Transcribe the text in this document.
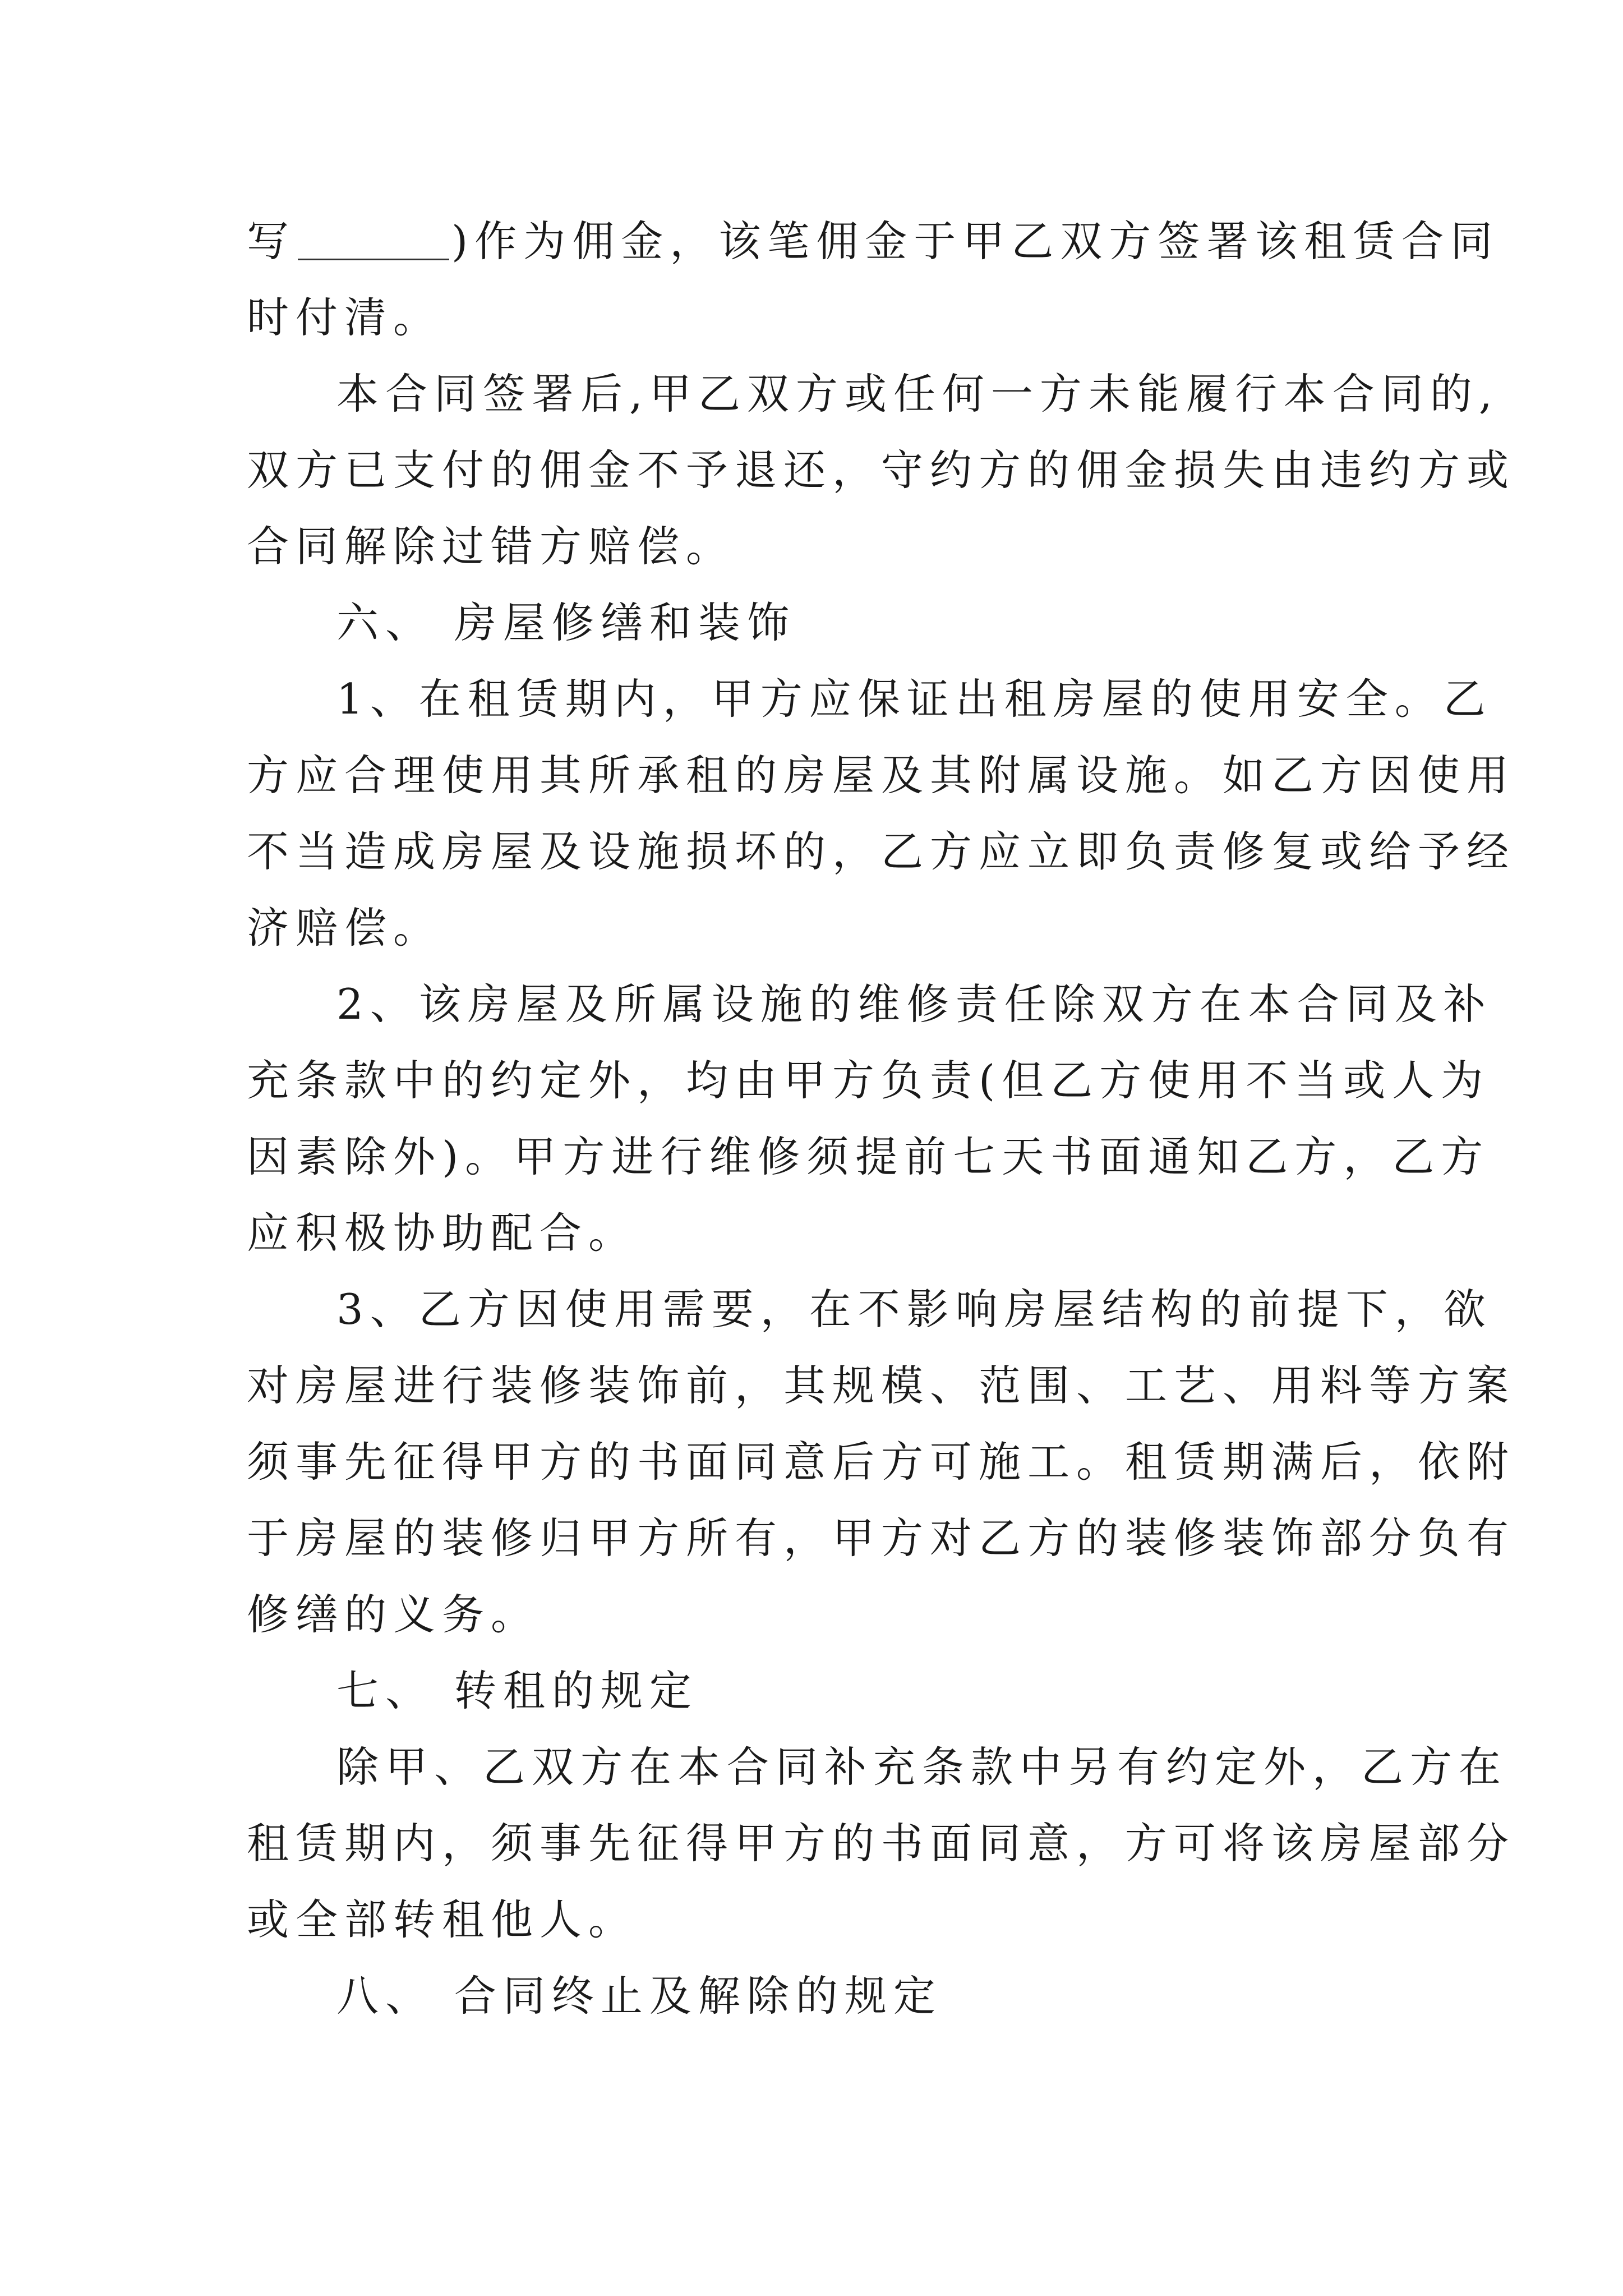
写	)作为佣金，该笔佣金于甲乙双方签署该租赁合同
时付清。
本合同签署后,甲乙双方或任何一方未能履行本合同的,
双方已支付的佣金不予退还，守约方的佣金损失由违约方或
合同解除过错方赔偿。
六、 房屋修缮和装饰
1、在租赁期内，甲方应保证出租房屋的使用安全。乙
方应合理使用其所承租的房屋及其附属设施。如乙方因使用
不当造成房屋及设施损坏的，乙方应立即负责修复或给予经
济赔偿。
2、该房屋及所属设施的维修责任除双方在本合同及补
充条款中的约定外，均由甲方负责(但乙方使用不当或人为
因素除外)。甲方进行维修须提前七天书面通知乙方，乙方
应积极协助配合。
3、乙方因使用需要，在不影响房屋结构的前提下，欲
对房屋进行装修装饰前，其规模、范围、工艺、用料等方案
须事先征得甲方的书面同意后方可施工。租赁期满后，依附
于房屋的装修归甲方所有，甲方对乙方的装修装饰部分负有
修缮的义务。
七、 转租的规定
除甲、乙双方在本合同补充条款中另有约定外，乙方在
租赁期内，须事先征得甲方的书面同意，方可将该房屋部分
或全部转租他人。
八、 合同终止及解除的规定
